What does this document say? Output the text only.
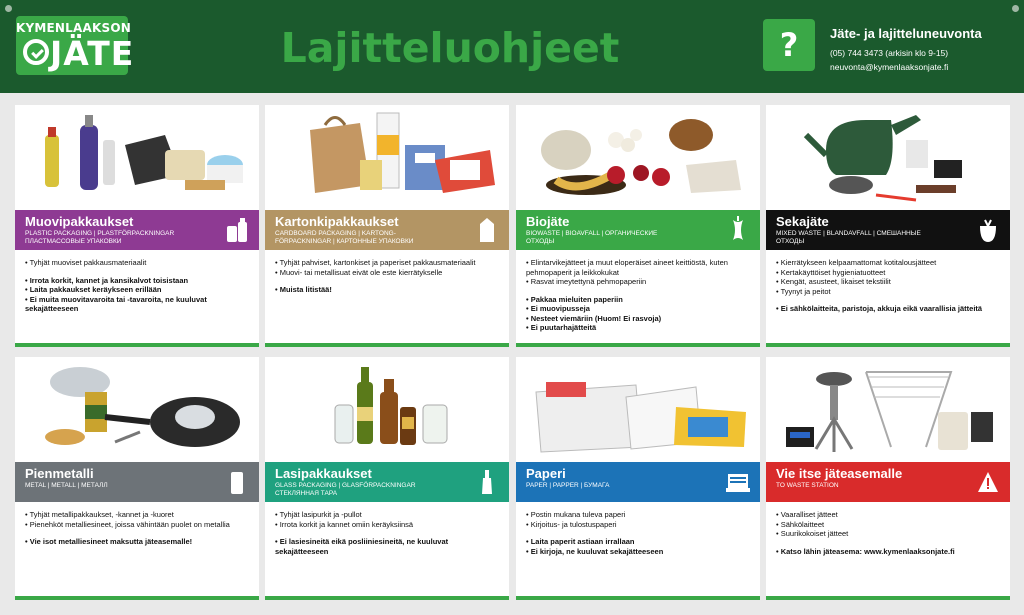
KYMENLAAKSON
JÄTE	Lajitteluohjeet	?	Jäte- ja lajitteluneuvonta
(05) 744 3473 (arkisin klo 9-15)
neuvonta@kymenlaaksonjate.fi
Muovipakkaukset
PLASTIC PACKAGING | PLASTFÖRPACKNINGAR
ПЛАСТМАССОВЫЕ УПАКОВКИ
• Tyhjät muoviset pakkausmateriaalit
• Irrota korkit, kannet ja kansikalvot toisistaan
• Laita pakkaukset keräykseen erillään
• Ei muita muovitavaroita tai -tavaroita, ne kuuluvat sekajätteeseen
Kartonkipakkaukset
CARDBOARD PACKAGING | KARTONG-
FÖRPACKNINGAR | КАРТОННЫЕ УПАКОВКИ
• Tyhjät pahviset, kartonkiset ja paperiset pakkausmateriaalit
• Muovi- tai metallisuat eivät ole este kierrätykselle
• Muista litistää!
Biojäte
BIOWASTE | BIOAVFALL | ОРГАНИЧЕСКИЕ
ОТХОДЫ
• Elintarvikejätteet ja muut eloperäiset aineet keittiöstä, kuten pehmopaperit ja leikkokukat
• Rasvat imeytettynä pehmopaperiin
• Pakkaa mieluiten paperiin
• Ei muovipusseja
• Nesteet viemäriin (Huom! Ei rasvoja)
• Ei puutarhajätteitä
Sekajäte
MIXED WASTE | BLANDAVFALL | СМЕШАННЫЕ
ОТХОДЫ
• Kierrätykseen kelpaamattomat kotitalousjätteet
• Kertakäyttöiset hygieniatuotteet
• Kengät, asusteet, likaiset tekstiilit
• Tyynyt ja peitot
• Ei sähkölaitteita, paristoja, akkuja eikä vaarallisia jätteitä
Pienmetalli
METAL | METALL | МЕТАЛЛ
• Tyhjät metallipakkaukset, -kannet ja -kuoret
• Pienehköt metalliesineet, joissa vähintään puolet on metallia
• Vie isot metalliesineet maksutta jäteasemalle!
Lasipakkaukset
GLASS PACKAGING | GLASFÖRPACKNINGAR
СТЕКЛЯННАЯ ТАРА
• Tyhjät lasipurkit ja -pullot
• Irrota korkit ja kannet omiin keräyksiinsä
• Ei lasiesineitä eikä posliiniesineitä, ne kuuluvat sekajätteeseen
Paperi
PAPER | PAPPER | БУМАГА
• Postin mukana tuleva paperi
• Kirjoitus- ja tulostuspaperi
• Laita paperit astiaan irrallaan
• Ei kirjoja, ne kuuluvat sekajätteeseen
Vie itse jäteasemalle
TO WASTE STATION
• Vaaralliset jätteet
• Sähkölaitteet
• Suurikokoiset jätteet
• Katso lähin jäteasema: www.kymenlaaksonjate.fi
